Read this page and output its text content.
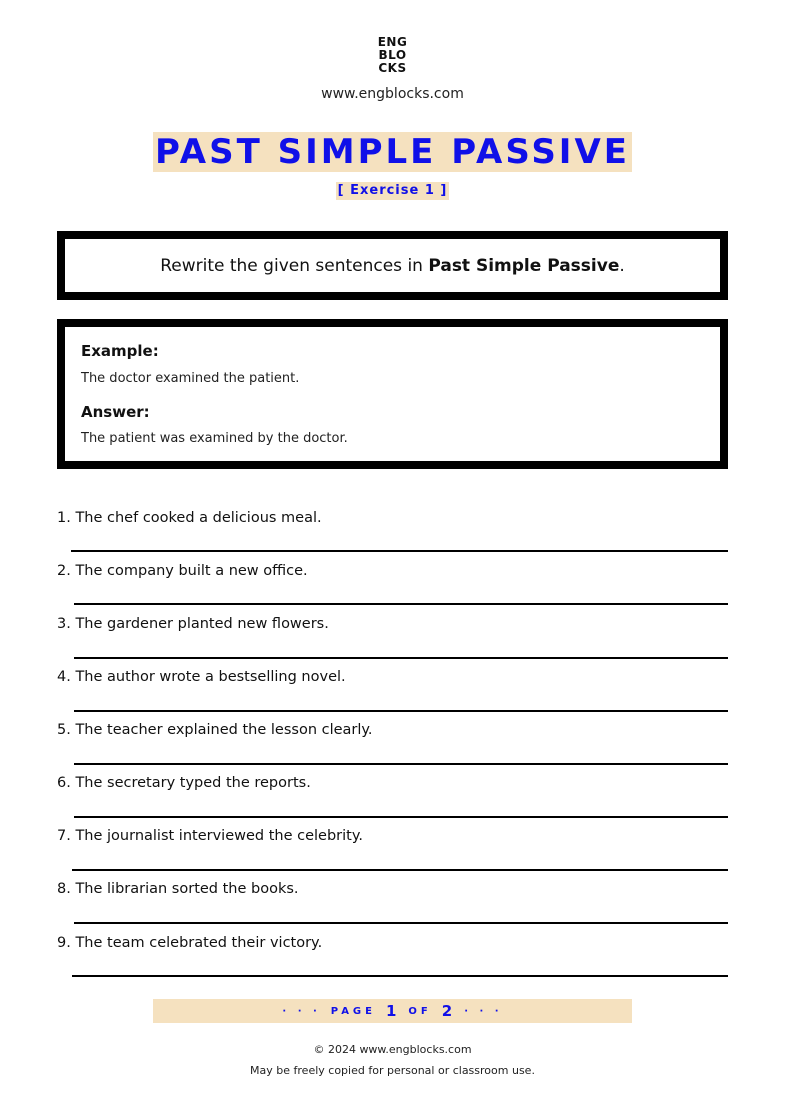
ENG
BLO
CKS
www.engblocks.com
PAST SIMPLE PASSIVE
[ Exercise 1 ]
Rewrite the given sentences in Past Simple Passive.
Example:
The doctor examined the patient.
Answer:
The patient was examined by the doctor.
1. The chef cooked a delicious meal.
2. The company built a new office.
3. The gardener planted new flowers.
4. The author wrote a bestselling novel.
5. The teacher explained the lesson clearly.
6. The secretary typed the reports.
7. The journalist interviewed the celebrity.
8. The librarian sorted the books.
9. The team celebrated their victory.
· · · PAGE 1 OF 2 · · ·
© 2024 www.engblocks.com
May be freely copied for personal or classroom use.
